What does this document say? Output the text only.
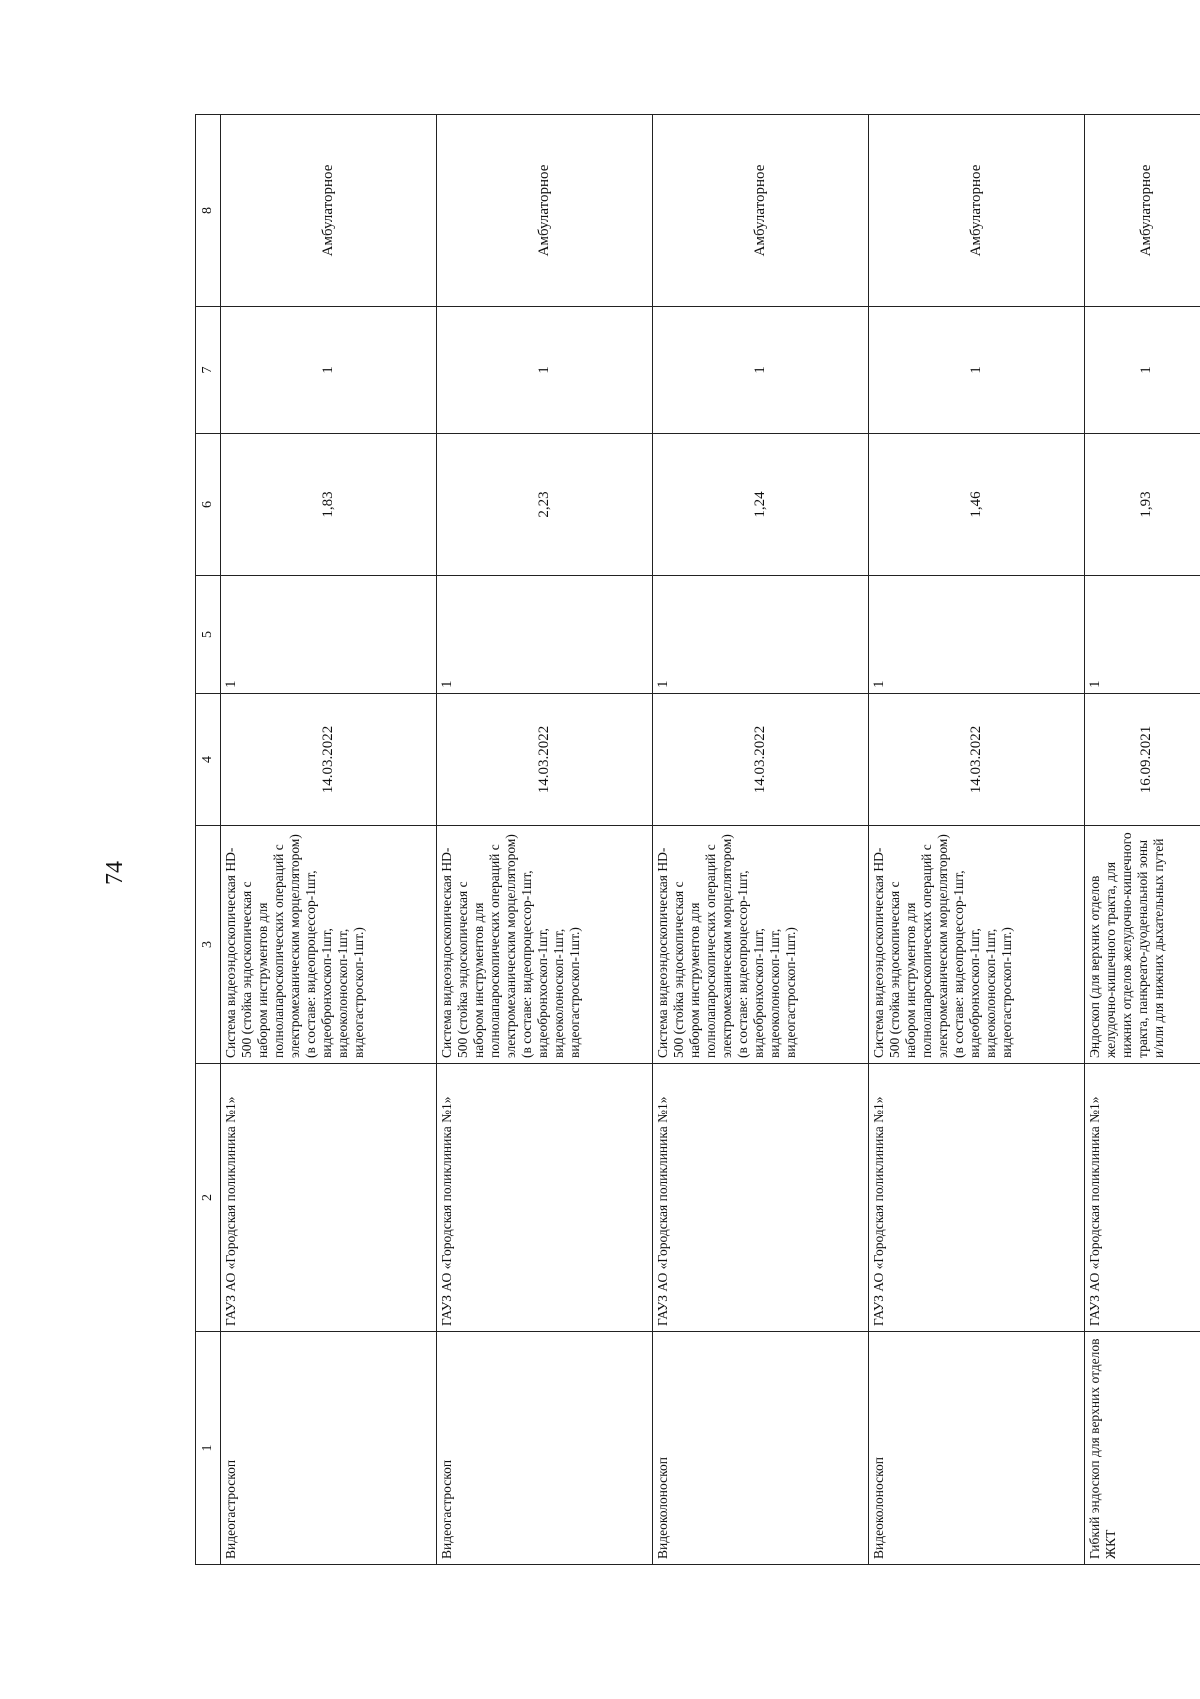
74
1	2	3	4	5	6	7	8
Видеогастроскоп	ГАУЗ АО «Городская поликлиника №1»	Система видеоэндоскопическая HD-500 (стойка эндоскопическая с набором инструментов для полнолапароскопических операций с электромеханическим морцеллятором) (в составе: видеопроцессор-1шт, видеобронхоскоп-1шт, видеоколоноскоп-1шт, видеогастроскоп-1шт.)	14.03.2022	1	1,83	1	Амбулаторное
Видеогастроскоп	ГАУЗ АО «Городская поликлиника №1»	Система видеоэндоскопическая HD-500 (стойка эндоскопическая с набором инструментов для полнолапароскопических операций с электромеханическим морцеллятором) (в составе: видеопроцессор-1шт, видеобронхоскоп-1шт, видеоколоноскоп-1шт, видеогастроскоп-1шт.)	14.03.2022	1	2,23	1	Амбулаторное
Видеоколоноскоп	ГАУЗ АО «Городская поликлиника №1»	Система видеоэндоскопическая HD-500 (стойка эндоскопическая с набором инструментов для полнолапароскопических операций с электромеханическим морцеллятором) (в составе: видеопроцессор-1шт, видеобронхоскоп-1шт, видеоколоноскоп-1шт, видеогастроскоп-1шт.)	14.03.2022	1	1,24	1	Амбулаторное
Видеоколоноскоп	ГАУЗ АО «Городская поликлиника №1»	Система видеоэндоскопическая HD-500 (стойка эндоскопическая с набором инструментов для полнолапароскопических операций с электромеханическим морцеллятором) (в составе: видеопроцессор-1шт, видеобронхоскоп-1шт, видеоколоноскоп-1шт, видеогастроскоп-1шт.)	14.03.2022	1	1,46	1	Амбулаторное
Гибкий эндоскоп для верхних отделов ЖКТ	ГАУЗ АО «Городская поликлиника №1»	Эндоскоп (для верхних отделов желудочно-кишечного тракта, для нижних отделов желудочно-кишечного тракта, панкреато-дуоденальной зоны и/или для нижних дыхательных путей	16.09.2021	1	1,93	1	Амбулаторное
